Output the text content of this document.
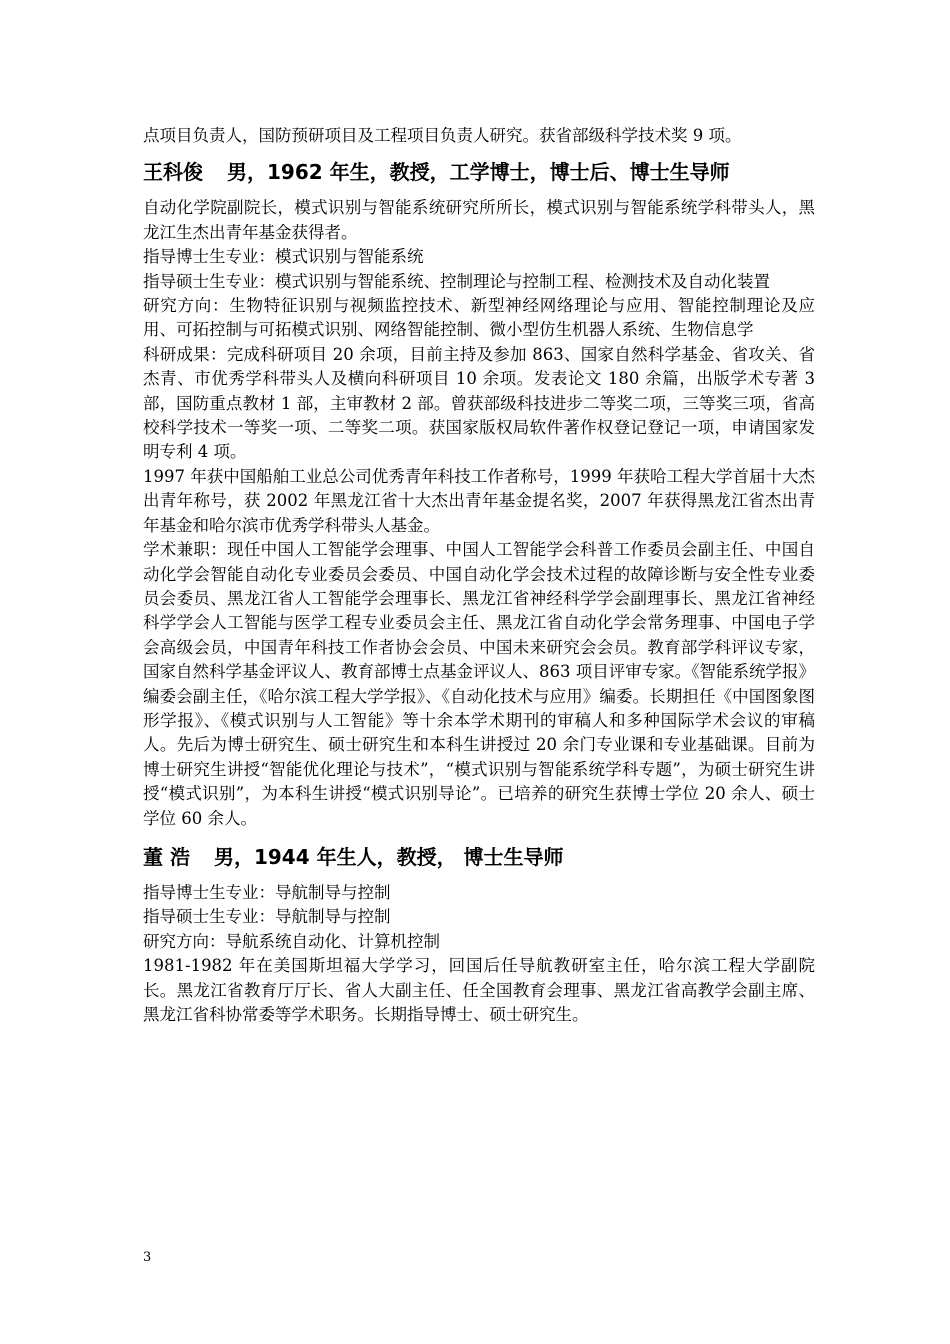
点项目负责人，国防预研项目及工程项目负责人研究。获省部级科学技术奖 9 项。

王科俊 男，1962 年生，教授，工学博士，博士后、博士生导师

自动化学院副院长，模式识别与智能系统研究所所长，模式识别与智能系统学科带头人，黑龙江生杰出青年基金获得者。

指导博士生专业：模式识别与智能系统

指导硕士生专业：模式识别与智能系统、控制理论与控制工程、检测技术及自动化装置

研究方向：生物特征识别与视频监控技术、新型神经网络理论与应用、智能控制理论及应用、可拓控制与可拓模式识别、网络智能控制、微小型仿生机器人系统、生物信息学

科研成果：完成科研项目 20 余项，目前主持及参加 863、国家自然科学基金、省攻关、省杰青、市优秀学科带头人及横向科研项目 10 余项。发表论文 180 余篇，出版学术专著 3 部，国防重点教材 1 部，主审教材 2 部。曾获部级科技进步二等奖二项，三等奖三项，省高校科学技术一等奖一项、二等奖二项。获国家版权局软件著作权登记登记一项，申请国家发明专利 4 项。

1997 年获中国船舶工业总公司优秀青年科技工作者称号，1999 年获哈工程大学首届十大杰出青年称号，获 2002 年黑龙江省十大杰出青年基金提名奖，2007 年获得黑龙江省杰出青年基金和哈尔滨市优秀学科带头人基金。

学术兼职：现任中国人工智能学会理事、中国人工智能学会科普工作委员会副主任、中国自动化学会智能自动化专业委员会委员、中国自动化学会技术过程的故障诊断与安全性专业委员会委员、黑龙江省人工智能学会理事长、黑龙江省神经科学学会副理事长、黑龙江省神经科学学会人工智能与医学工程专业委员会主任、黑龙江省自动化学会常务理事、中国电子学会高级会员，中国青年科技工作者协会会员、中国未来研究会会员。教育部学科评议专家，国家自然科学基金评议人、教育部博士点基金评议人、863 项目评审专家。《智能系统学报》编委会副主任，《哈尔滨工程大学学报》、《自动化技术与应用》编委。长期担任《中国图象图形学报》、《模式识别与人工智能》等十余本学术期刊的审稿人和多种国际学术会议的审稿人。先后为博士研究生、硕士研究生和本科生讲授过 20 余门专业课和专业基础课。目前为博士研究生讲授“智能优化理论与技术”，“模式识别与智能系统学科专题”，为硕士研究生讲授“模式识别”，为本科生讲授“模式识别导论”。已培养的研究生获博士学位 20 余人、硕士学位 60 余人。

董 浩 男，1944 年生人，教授， 博士生导师

指导博士生专业：导航制导与控制

指导硕士生专业：导航制导与控制

研究方向：导航系统自动化、计算机控制

1981-1982 年在美国斯坦福大学学习，回国后任导航教研室主任，哈尔滨工程大学副院长。黑龙江省教育厅厅长、省人大副主任、任全国教育会理事、黑龙江省高教学会副主席、黑龙江省科协常委等学术职务。长期指导博士、硕士研究生。

3
